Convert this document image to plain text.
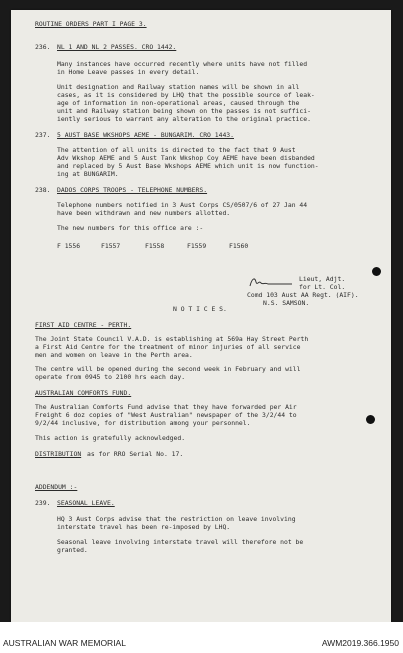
ROUTINE ORDERS PART I PAGE 3.
236. NL 1 AND NL 2 PASSES. CRO 1442.
Many instances have occurred recently where units have not filled
in Home Leave passes in every detail.
Unit designation and Railway station names will be shown in all
cases, as it is considered by LHQ that the possible source of leak-
age of information in non-operational areas, caused through the
unit and Railway station being shown on the passes is not suffici-
iently serious to warrant any alteration to the original practice.
237. 5 AUST BASE WKSHOPS AEME - BUNGARIM. CRO 1443.
The attention of all units is directed to the fact that 9 Aust
Adv Wkshop AEME and 5 Aust Tank Wkshop Coy AEME have been disbanded
and replaced by 5 Aust Base Wkshops AEME which unit is now function-
ing at BUNGARIM.
238. DADOS CORPS TROOPS - TELEPHONE NUMBERS.
Telephone numbers notified in 3 Aust Corps CS/0507/6 of 27 Jan 44
have been withdrawn and new numbers allotted.
The new numbers for this office are :-
F 1556	F1557	F1558	F1559	F1560
Lieut, Adjt.
for Lt. Col.
Comd 103 Aust AA Regt. (AIF).
N.S. SAMSON.
N O T I C E S.
FIRST AID CENTRE - PERTH.
The Joint State Council V.A.D. is establishing at 569a Hay Street Perth
a First Aid Centre for the treatment of minor injuries of all service
men and women on leave in the Perth area.
The centre will be opened during the second week in February and will
operate from 0945 to 2100 hrs each day.
AUSTRALIAN COMFORTS FUND.
The Australian Comforts Fund advise that they have forwarded per Air
Freight 6 doz copies of "West Australian" newspaper of the 3/2/44 to
9/2/44 inclusive, for distribution among your personnel.
This action is gratefully acknowledged.
DISTRIBUTION as for RRO Serial No. 17.
ADDENDUM :-
239. SEASONAL LEAVE.
HQ 3 Aust Corps advise that the restriction on leave involving
interstate travel has been re-imposed by LHQ.
Seasonal leave involving interstate travel will therefore not be
granted.
AUSTRALIAN WAR MEMORIAL	AWM2019.366.1950
